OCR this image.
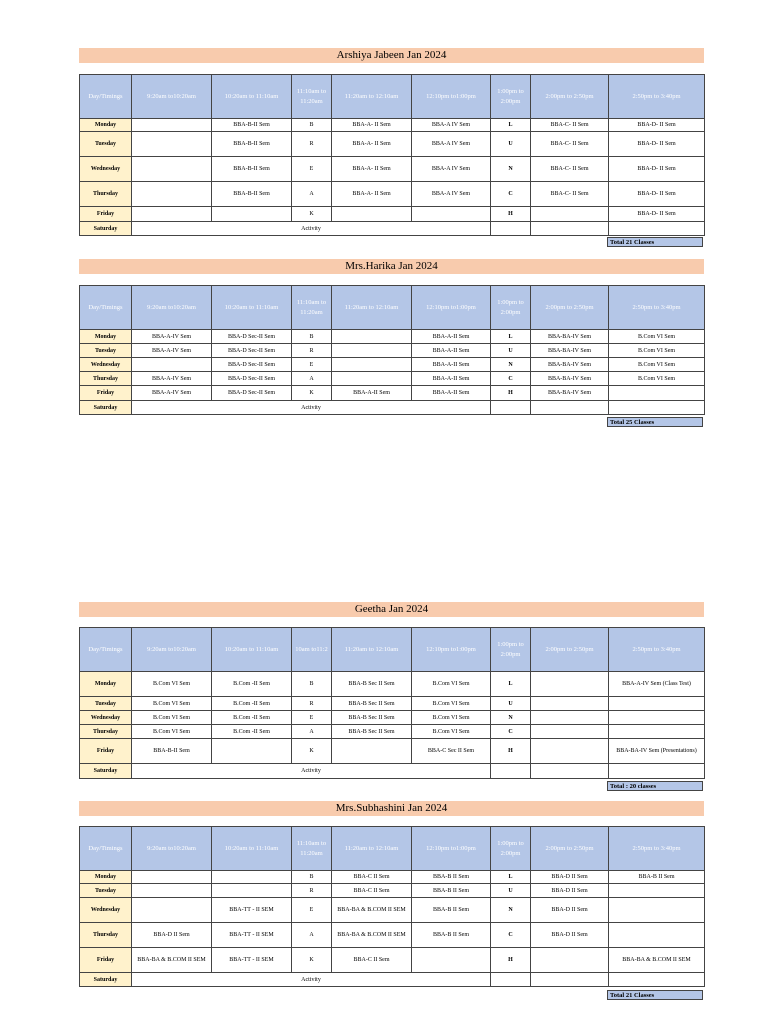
Arshiya Jabeen Jan 2024
Day/Timings	9:20am to10:20am	10:20am to 11:10am	11:10am to 11:20am	11:20am to 12:10am	12:10pm to1:00pm	1:00pm to 2:00pm	2:00pm to 2:50pm	2:50pm to 3:40pm
Monday		BBA-B-II Sem	B	BBA-A- II Sem	BBA-A IV Sem	L	BBA-C- II Sem	BBA-D- II Sem
Tuesday		BBA-B-II Sem	R	BBA-A- II Sem	BBA-A IV Sem	U	BBA-C- II Sem	BBA-D- II Sem
Wednesday		BBA-B-II Sem	E	BBA-A- II Sem	BBA-A IV Sem	N	BBA-C- II Sem	BBA-D- II Sem
Thursday		BBA-B-II Sem	A	BBA-A- II Sem	BBA-A IV Sem	C	BBA-C- II Sem	BBA-D- II Sem
Friday			K			H		BBA-D- II Sem
Saturday	Activity							
Total 21 Classes
Mrs.Harika Jan 2024
Day/Timings	9:20am to10:20am	10:20am to 11:10am	11:10am to 11:20am	11:20am to 12:10am	12:10pm to1:00pm	1:00pm to 2:00pm	2:00pm to 2:50pm	2:50pm to 3:40pm
Monday	BBA-A-IV Sem	BBA-D Sec-II Sem	B		BBA-A-II Sem	L	BBA-BA-IV Sem	B.Com VI Sem
Tuesday	BBA-A-IV Sem	BBA-D Sec-II Sem	R		BBA-A-II Sem	U	BBA-BA-IV Sem	B.Com VI Sem
Wednesday		BBA-D Sec-II Sem	E		BBA-A-II Sem	N	BBA-BA-IV Sem	B.Com VI Sem
Thursday	BBA-A-IV Sem	BBA-D Sec-II Sem	A		BBA-A-II Sem	C	BBA-BA-IV Sem	B.Com VI Sem
Friday	BBA-A-IV Sem	BBA-D Sec-II Sem	K	BBA-A-II Sem	BBA-A-II Sem	H	BBA-BA-IV Sem	
Saturday	Activity							
Total 25 Classes
Geetha Jan 2024
Day/Timings	9:20am to10:20am	10:20am to 11:10am	10am to11:2	11:20am to 12:10am	12:10pm to1:00pm	1:00pm to 2:00pm	2:00pm to 2:50pm	2:50pm to 3:40pm
Monday	B.Com VI Sem	B.Com -II Sem	B	BBA-B Sec II Sem	B.Com VI Sem	L		BBA-A-IV Sem (Class Test)
Tuesday	B.Com VI Sem	B.Com -II Sem	R	BBA-B Sec II Sem	B.Com VI Sem	U		
Wednesday	B.Com VI Sem	B.Com -II Sem	E	BBA-B Sec II Sem	B.Com VI Sem	N		
Thursday	B.Com VI Sem	B.Com -II Sem	A	BBA-B Sec II Sem	B.Com VI Sem	C		
Friday	BBA-B-II Sem		K		BBA-C Sec II Sem	H		BBA-BA-IV Sem (Presentations)
Saturday	Activity							
Total : 20 classes
Mrs.Subhashini Jan 2024
Day/Timings	9:20am to10:20am	10:20am to 11:10am	11:10am to 11:20am	11:20am to 12:10am	12:10pm to1:00pm	1:00pm to 2:00pm	2:00pm to 2:50pm	2:50pm to 3:40pm
Monday			B	BBA-C II Sem	BBA-B II Sem	L	BBA-D II Sem	BBA-B II Sem
Tuesday			R	BBA-C II Sem	BBA-B II Sem	U	BBA-D II Sem	
Wednesday		BBA-TT - II SEM	E	BBA-BA & B.COM II SEM	BBA-B II Sem	N	BBA-D II Sem	
Thursday	BBA-D II Sem	BBA-TT - II SEM	A	BBA-BA & B.COM II SEM	BBA-B II Sem	C	BBA-D II Sem	
Friday	BBA-BA & B.COM II SEM	BBA-TT - II SEM	K	BBA-C II Sem		H		BBA-BA & B.COM II SEM
Saturday	Activity							
Total 21 Classes
